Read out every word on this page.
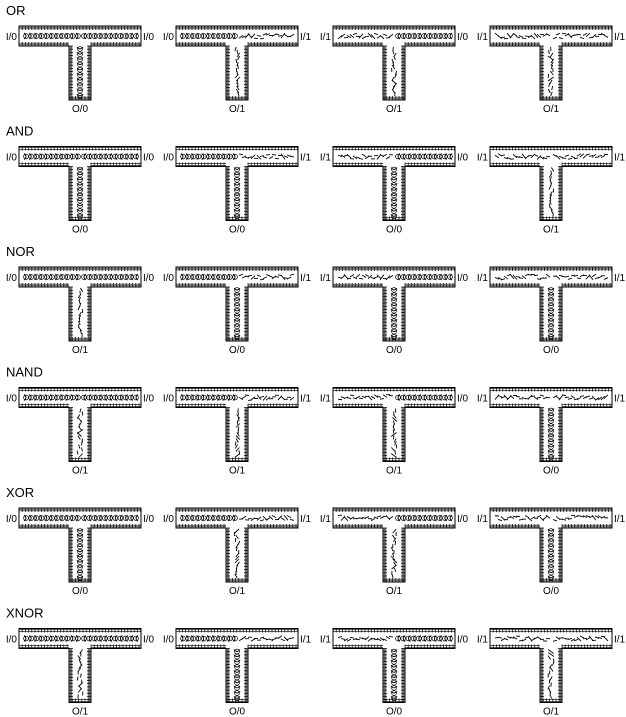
OR
I/0	I/0
O/0
I/0	I/1
O/1
I/1	I/0
O/1
I/1	I/1
O/1
AND
I/0	I/0
O/0
I/0	I/1
O/0
I/1	I/0
O/0
I/1	I/1
O/1
NOR
I/0	I/0
O/1
I/0	I/1
O/0
I/1	I/0
O/0
I/1	I/1
O/0
NAND
I/0	I/0
O/1
I/0	I/1
O/1
I/1	I/0
O/1
I/1	I/1
O/0
XOR
I/0	I/0
O/0
I/0	I/1
O/1
I/1	I/0
O/1
I/1	I/1
O/0
XNOR
I/0	I/0
O/1
I/0	I/1
O/0
I/1	I/0
O/0
I/1	I/1
O/1
